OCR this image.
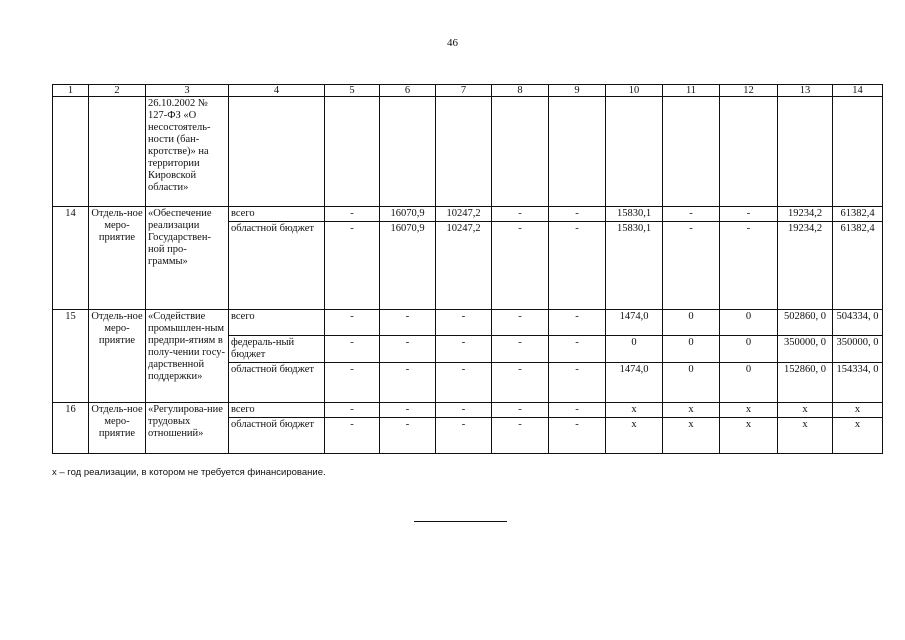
46
1	2	3	4	5	6	7	8	9	10	11	12	13	14
		26.10.2002 № 127-ФЗ «О несостоятель-ности (бан-кротстве)» на территории Кировской области»											
14	Отдель-ное меро-приятие	«Обеспечение реализации Государствен-ной про-граммы»	всего	-	16070,9	10247,2	-	-	15830,1	-	-	19234,2	61382,4
			областной бюджет	-	16070,9	10247,2	-	-	15830,1	-	-	19234,2	61382,4
15	Отдель-ное меро-приятие	«Содействие промышлен-ным предпри-ятиям в полу-чении госу-дарственной поддержки»	всего	-	-	-	-	-	1474,0	0	0	502860, 0	504334, 0
			федераль-ный бюджет	-	-	-	-	-	0	0	0	350000, 0	350000, 0
			областной бюджет	-	-	-	-	-	1474,0	0	0	152860, 0	154334, 0
16	Отдель-ное меро-приятие	«Регулирова-ние трудовых отношений»	всего	-	-	-	-	-	х	х	х	х	х
			областной бюджет	-	-	-	-	-	х	х	х	х	х
х – год реализации, в котором не требуется финансирование.
